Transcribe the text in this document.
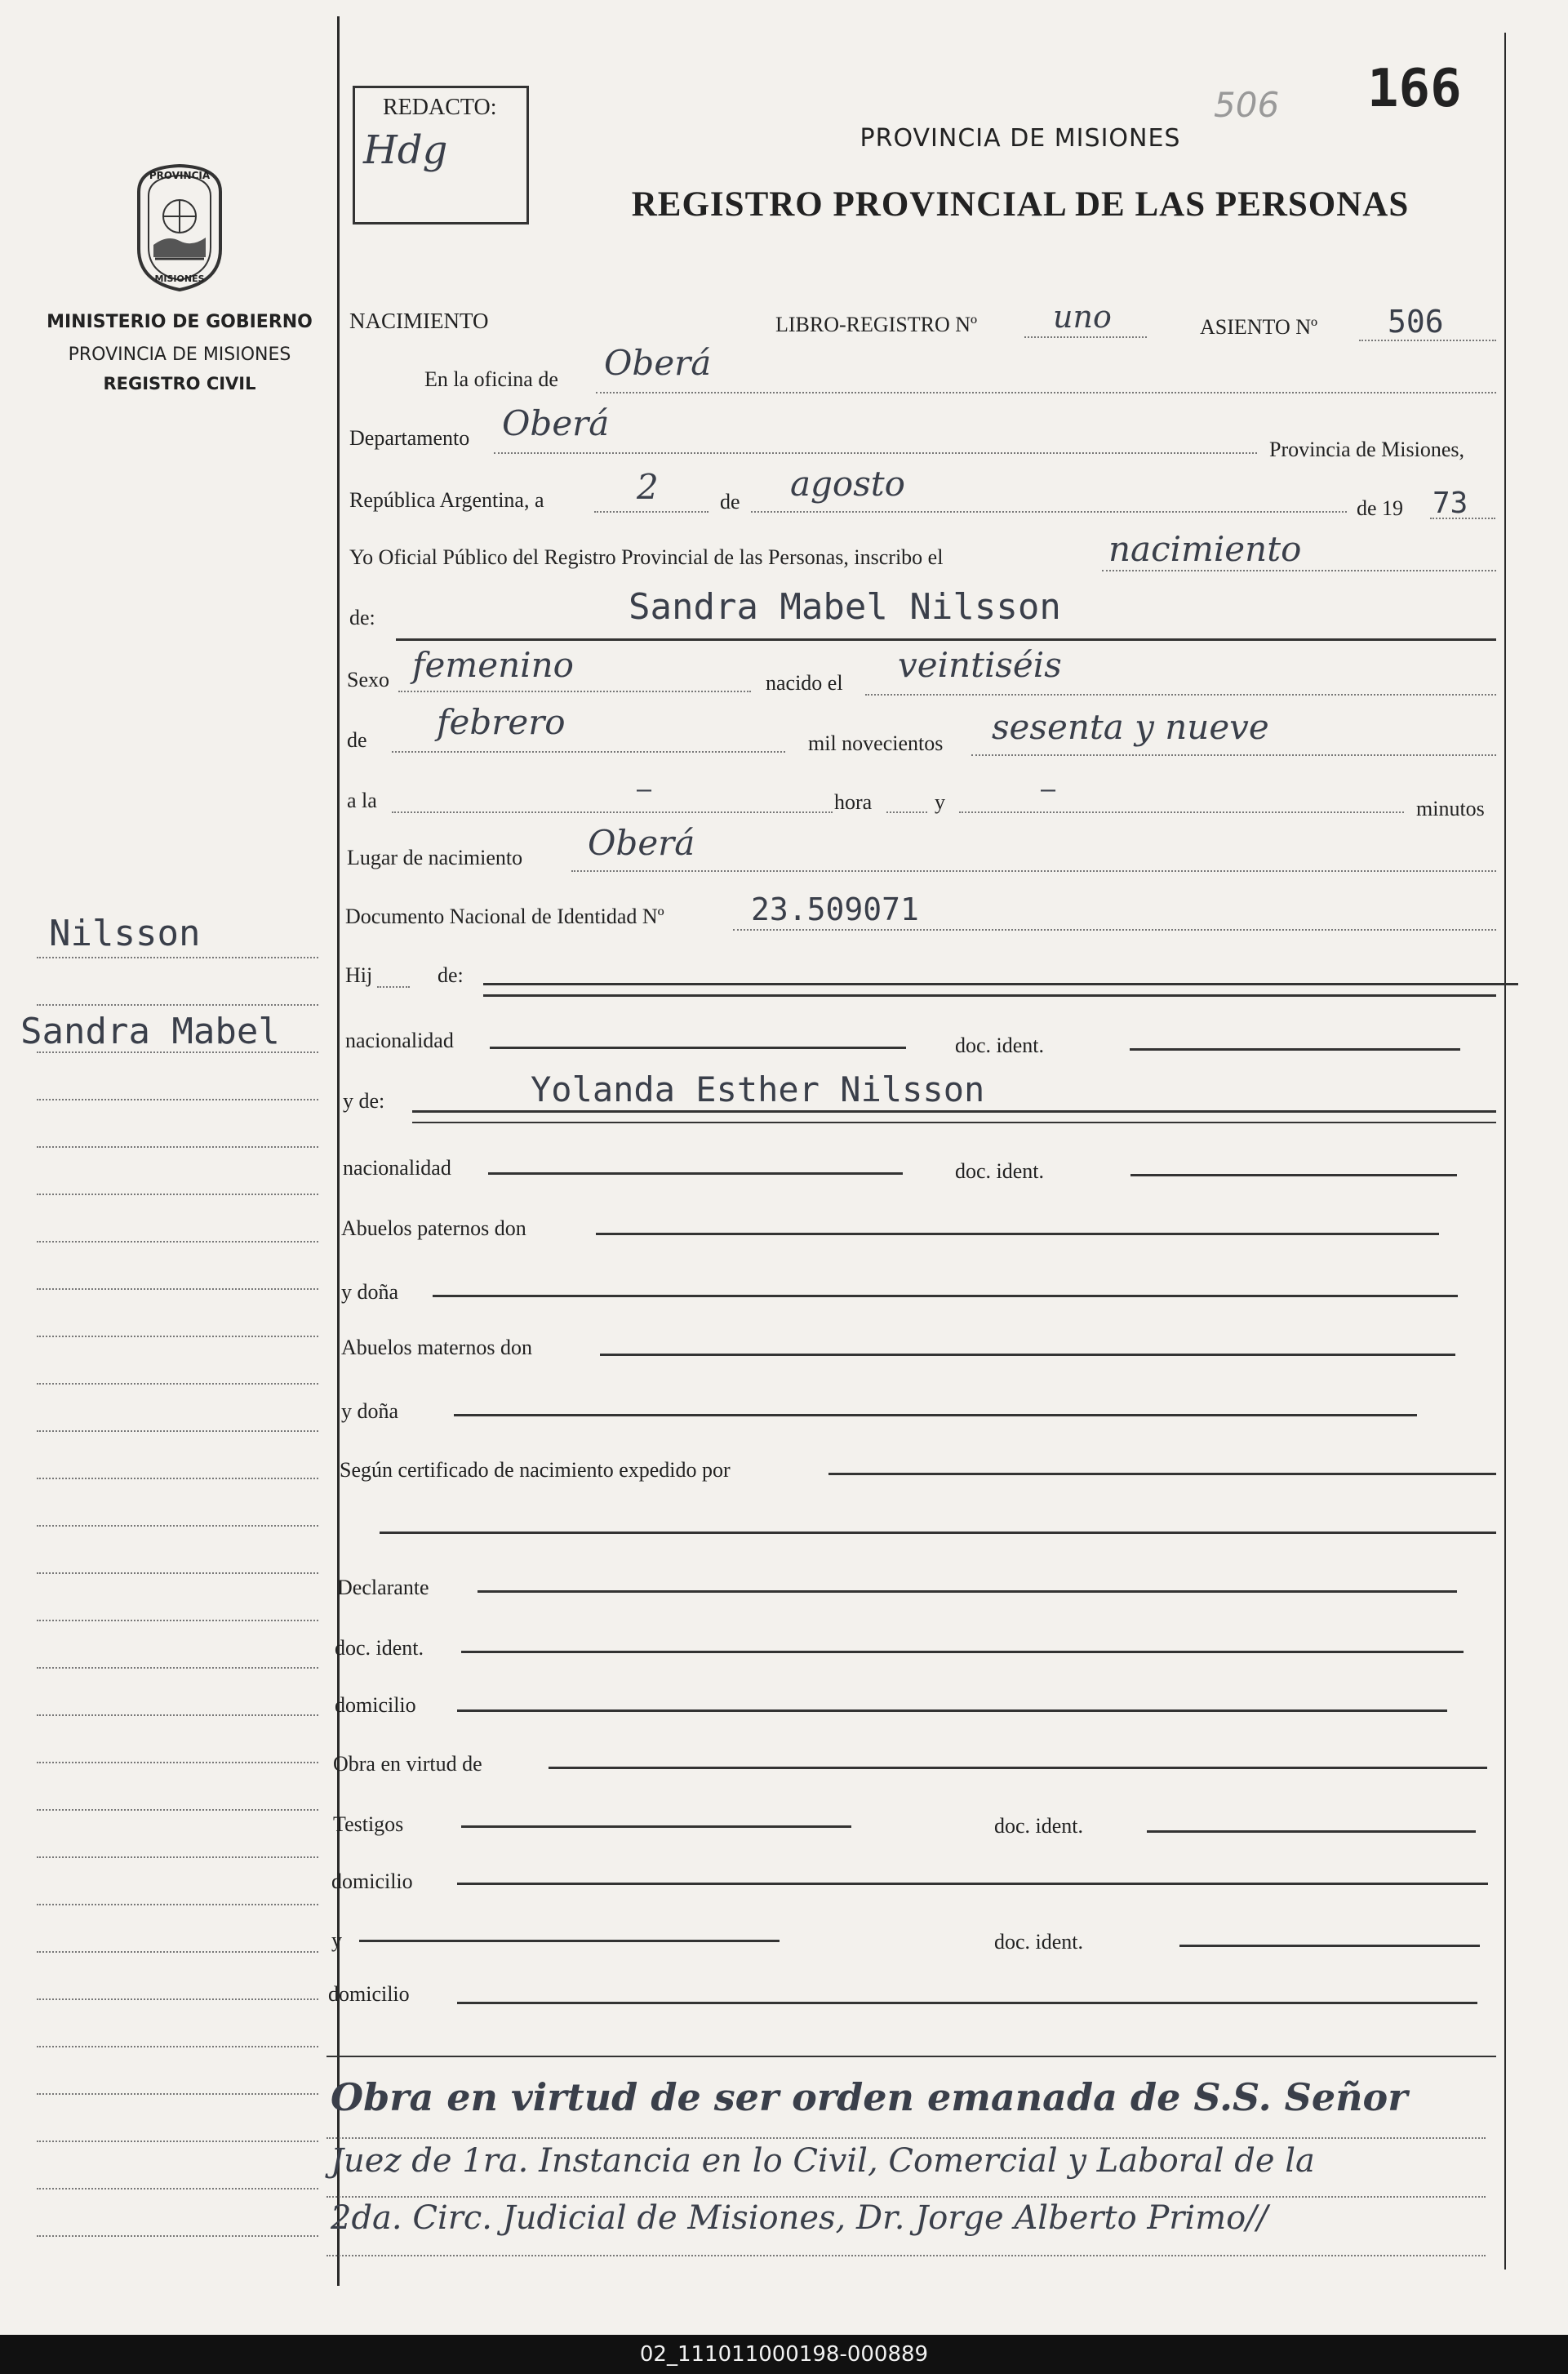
PROVINCIA
MISIONES
MINISTERIO DE GOBIERNO
PROVINCIA DE MISIONES
REGISTRO CIVIL
Nilsson
Sandra Mabel
REDACTO:
Hdg
506 166
PROVINCIA DE MISIONES
REGISTRO PROVINCIAL DE LAS PERSONAS
NACIMIENTO	LIBRO-REGISTRO Nº uno	ASIENTO Nº 506
En la oficina de Oberá
Departamento Oberá
Provincia de Misiones,
República Argentina, a	2	de agosto
de 19 73
Yo Oficial Público del Registro Provincial de las Personas, inscribo el	nacimiento
de:	Sandra Mabel Nilsson
Sexo femenino	nacido el veintiséis
de febrero
mil novecientos sesenta y nueve
a la	—	hora	y	—
minutos
Lugar de nacimiento Oberá
Documento Nacional de Identidad Nº	23.509071
Hij	de:
nacionalidad	doc. ident.
y de:	Yolanda Esther Nilsson
nacionalidad	doc. ident.
Abuelos paternos don
y doña
Abuelos maternos don
y doña
Según certificado de nacimiento expedido por
Declarante
doc. ident.
domicilio
Obra en virtud de
Testigos	doc. ident.
domicilio
y	doc. ident.
domicilio
Obra en virtud de ser orden emanada de S.S. Señor
Juez de 1ra. Instancia en lo Civil, Comercial y Laboral de la
2da. Circ. Judicial de Misiones, Dr. Jorge Alberto Primo//
02_111011000198-000889
